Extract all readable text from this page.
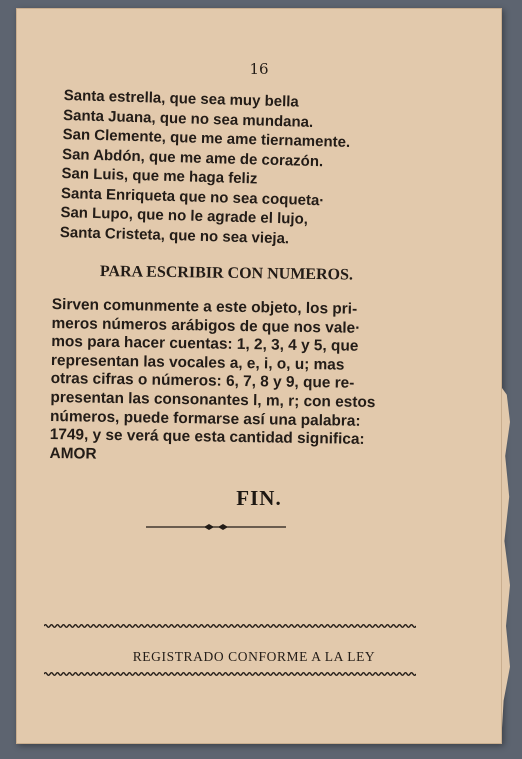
16
Santa estrella, que sea muy bella
Santa Juana, que no sea mundana.
San Clemente, que me ame tiernamente.
San Abdón, que me ame de corazón.
San Luis, que me haga feliz
Santa Enriqueta que no sea coqueta·
San Lupo, que no le agrade el lujo,
Santa Cristeta, que no sea vieja.
PARA ESCRIBIR CON NUMEROS.
Sirven comunmente a este objeto, los pri-
meros números arábigos de que nos vale·
mos para hacer cuentas: 1, 2, 3, 4 y 5, que
representan las vocales a, e, i, o, u; mas
otras cifras o números: 6, 7, 8 y 9, que re-
presentan las consonantes l, m, r; con estos
números, puede formarse así una palabra:
1749, y se verá que esta cantidad significa:
AMOR
FIN.
REGISTRADO CONFORME A LA LEY
